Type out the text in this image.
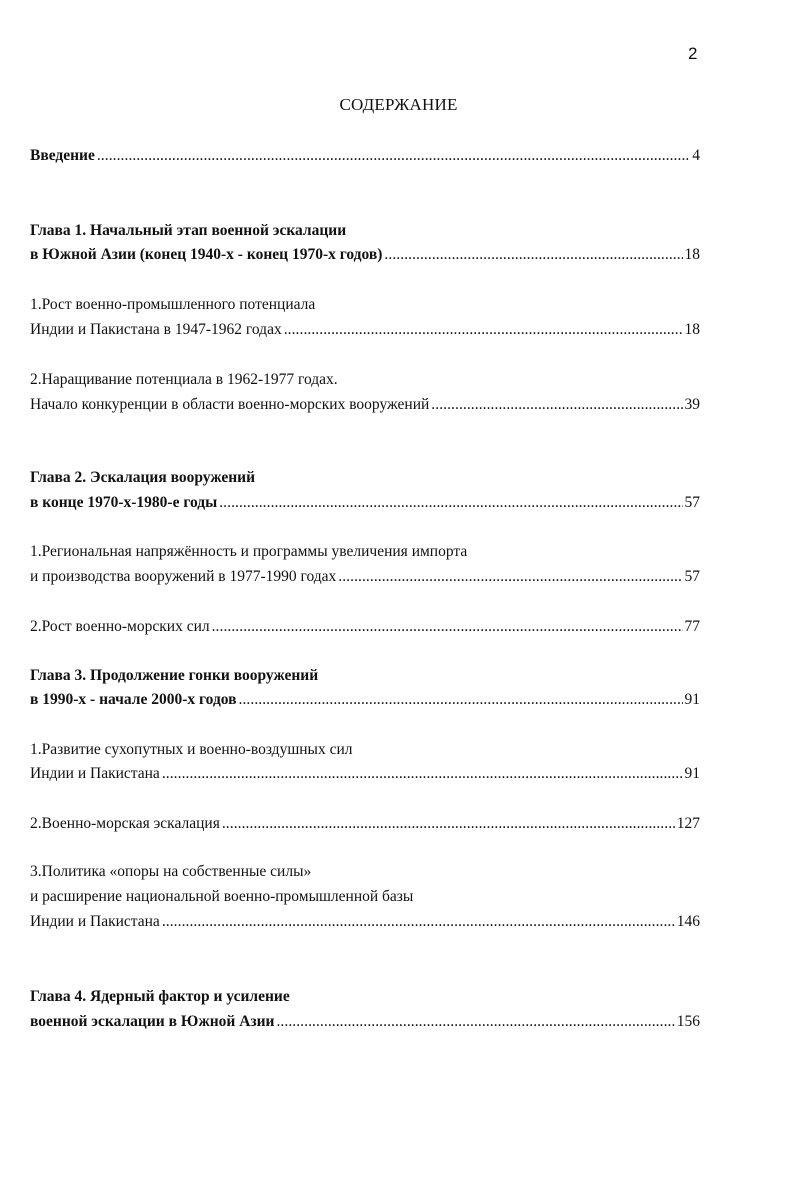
2
СОДЕРЖАНИЕ
Введение . . .	4
Глава 1. Начальный этап военной эскалации
в Южной Азии (конец 1940-х - конец 1970-х годов) . . .	18
1.Рост военно-промышленного потенциала
Индии и Пакистана в 1947-1962 годах . . .	18
2.Наращивание потенциала в 1962-1977 годах.
Начало конкуренции в области военно-морских вооружений . . .	39
Глава 2. Эскалация вооружений
в конце 1970-х-1980-е годы . . .	57
1.Региональная напряжённость и программы увеличения импорта
и производства вооружений в 1977-1990 годах . . .	57
2.Рост военно-морских сил . . .	77
Глава 3. Продолжение гонки вооружений
в 1990-х - начале 2000-х годов . . .	91
1.Развитие сухопутных и военно-воздушных сил
Индии и Пакистана . . .	91
2.Военно-морская эскалация . . .	127
3.Политика «опоры на собственные силы»
и расширение национальной военно-промышленной базы
Индии и Пакистана . . .	146
Глава 4. Ядерный фактор и усиление
военной эскалации в Южной Азии . . .	156
